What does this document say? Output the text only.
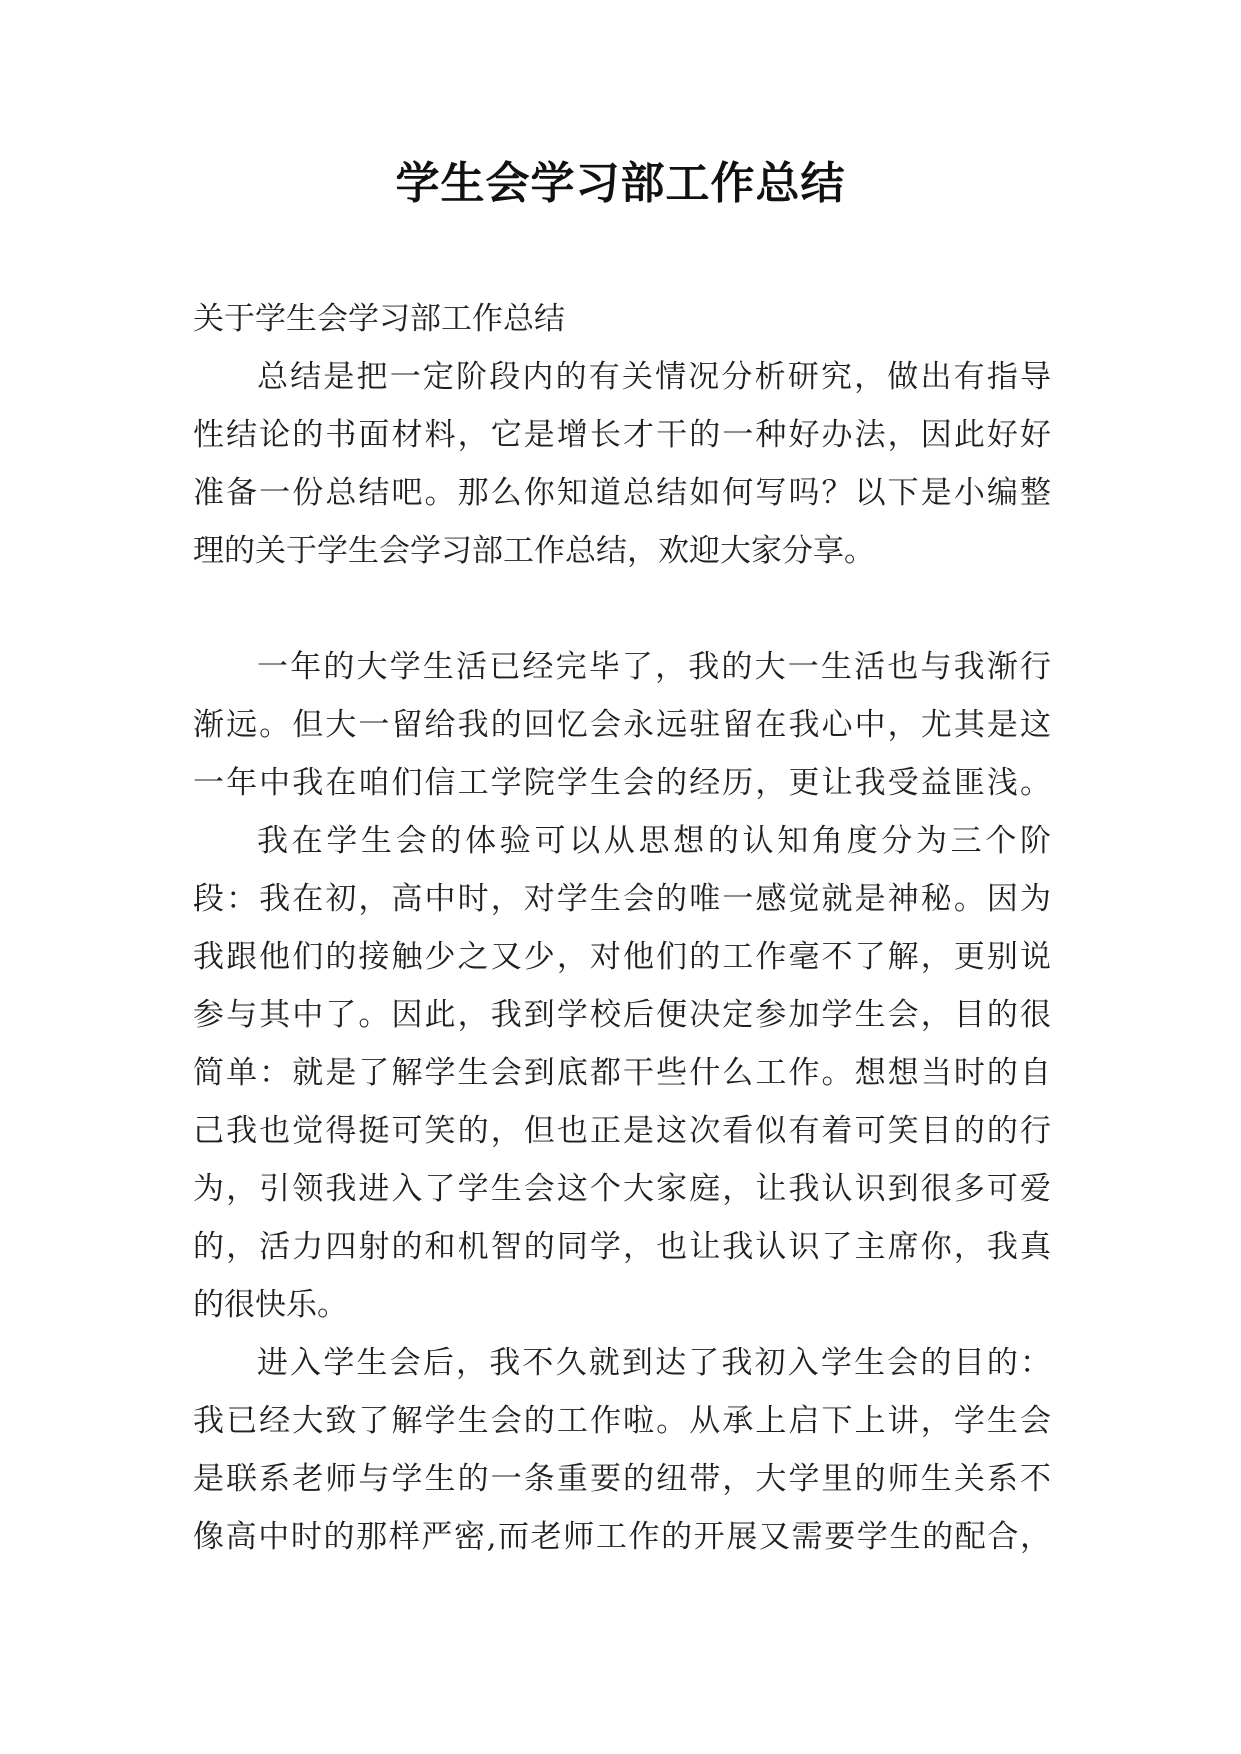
学生会学习部工作总结
关于学生会学习部工作总结
总结是把一定阶段内的有关情况分析研究，做出有指导
性结论的书面材料，它是增长才干的一种好办法，因此好好
准备一份总结吧。那么你知道总结如何写吗？以下是小编整
理的关于学生会学习部工作总结，欢迎大家分享。
一年的大学生活已经完毕了，我的大一生活也与我渐行
渐远。但大一留给我的回忆会永远驻留在我心中，尤其是这
一年中我在咱们信工学院学生会的经历，更让我受益匪浅。
我在学生会的体验可以从思想的认知角度分为三个阶
段：我在初，高中时，对学生会的唯一感觉就是神秘。因为
我跟他们的接触少之又少，对他们的工作毫不了解，更别说
参与其中了。因此，我到学校后便决定参加学生会，目的很
简单：就是了解学生会到底都干些什么工作。想想当时的自
己我也觉得挺可笑的，但也正是这次看似有着可笑目的的行
为，引领我进入了学生会这个大家庭，让我认识到很多可爱
的，活力四射的和机智的同学，也让我认识了主席你，我真
的很快乐。
进入学生会后，我不久就到达了我初入学生会的目的：
我已经大致了解学生会的工作啦。从承上启下上讲，学生会
是联系老师与学生的一条重要的纽带，大学里的师生关系不
像高中时的那样严密,而老师工作的开展又需要学生的配合，
